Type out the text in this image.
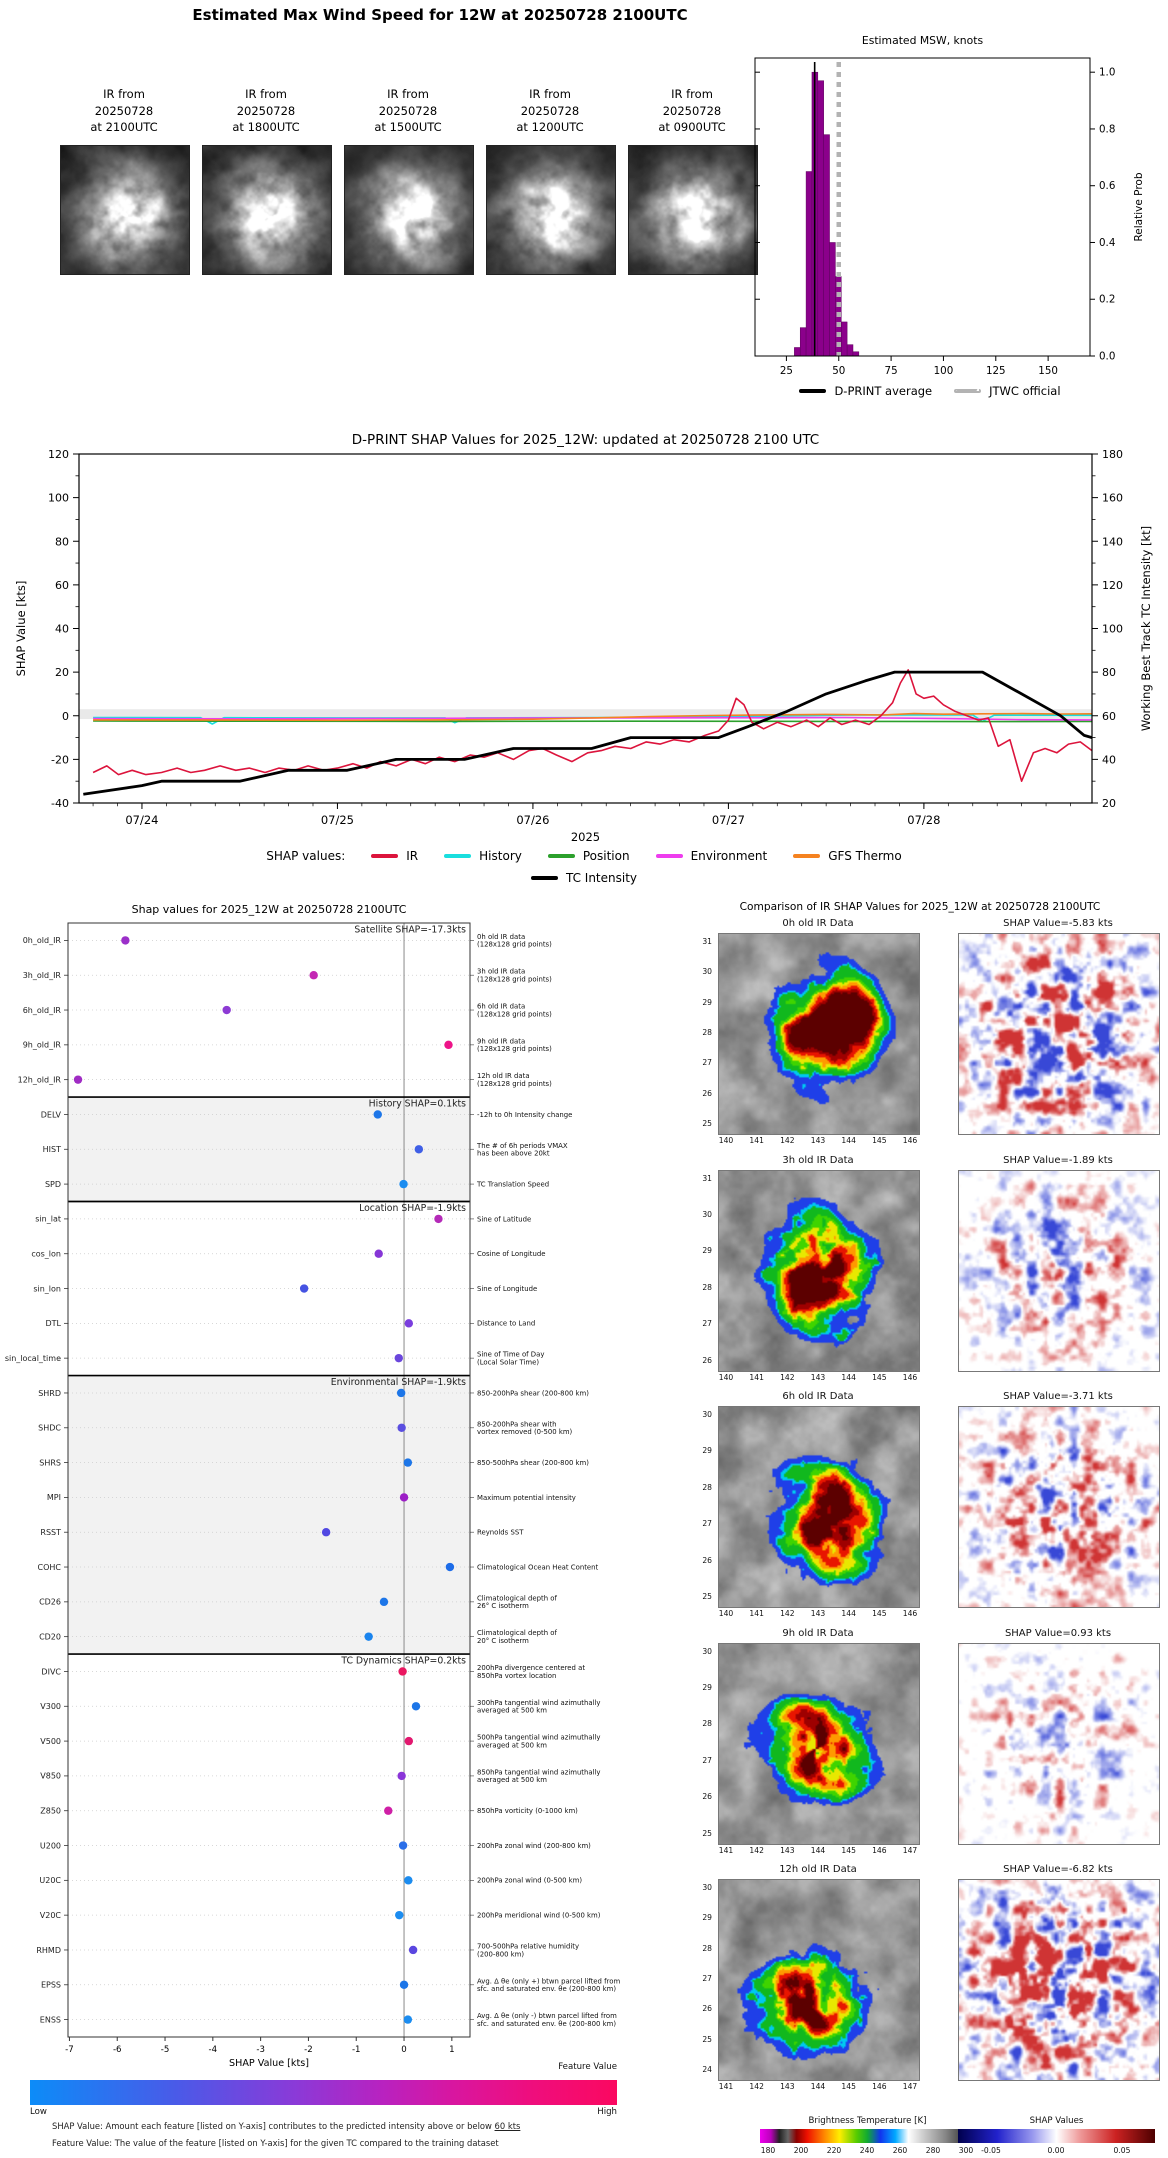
Estimated Max Wind Speed for 12W at 20250728 2100UTC
IR from
20250728
at 2100UTC
IR from
20250728
at 1800UTC
IR from
20250728
at 1500UTC
IR from
20250728
at 1200UTC
IR from
20250728
at 0900UTC
Estimated MSW, knots
0.0
0.2
0.4
0.6
0.8
1.0
25	50	75	100	125	150
Relative Prob
D-PRINT average	JTWC official
D-PRINT SHAP Values for 2025_12W: updated at 20250728 2100 UTC
-40
-20
0
20
40
60
80
100
120
20
40
60
80
100
120
140
160
180
07/24	07/25	07/26	07/27	07/28
2025
SHAP Value [kts]	Working Best Track TC Intensity [kt]
SHAP values:	IR	History	Position	Environment	GFS Thermo
TC Intensity
Shap values for 2025_12W at 20250728 2100UTC
0h_old_IR	0h old IR data
(128x128 grid points)
3h_old_IR	3h old IR data
(128x128 grid points)
6h_old_IR	6h old IR data
(128x128 grid points)
9h_old_IR	9h old IR data
(128x128 grid points)
12h_old_IR	12h old IR data
(128x128 grid points)
DELV	-12h to 0h Intensity change
HIST	The # of 6h periods VMAX
has been above 20kt
SPD	TC Translation Speed
sin_lat	Sine of Latitude
cos_lon	Cosine of Longitude
sin_lon	Sine of Longitude
DTL	Distance to Land
sin_local_time	Sine of Time of Day
(Local Solar Time)
SHRD	850-200hPa shear (200-800 km)
SHDC	850-200hPa shear with
vortex removed (0-500 km)
SHRS	850-500hPa shear (200-800 km)
MPI	Maximum potential intensity
RSST	Reynolds SST
COHC	Climatological Ocean Heat Content
CD26	Climatological depth of
26° C isotherm
CD20	Climatological depth of
20° C isotherm
DIVC	200hPa divergence centered at
850hPa vortex location
V300	300hPa tangential wind azimuthally
averaged at 500 km
V500	500hPa tangential wind azimuthally
averaged at 500 km
V850	850hPa tangential wind azimuthally
averaged at 500 km
Z850	850hPa vorticity (0-1000 km)
U200	200hPa zonal wind (200-800 km)
U20C	200hPa zonal wind (0-500 km)
V20C	200hPa meridional wind (0-500 km)
RHMD	700-500hPa relative humidity
(200-800 km)
EPSS	Avg. Δ θe (only +) btwn parcel lifted from
sfc. and saturated env. θe (200-800 km)
ENSS	Avg. Δ θe (only -) btwn parcel lifted from
sfc. and saturated env. θe (200-800 km)
Satellite SHAP=-17.3kts
History SHAP=0.1kts
Location SHAP=-1.9kts
Environmental SHAP=-1.9kts
TC Dynamics SHAP=0.2kts
-7	-6	-5	-4	-3	-2	-1	0	1
SHAP Value [kts]	Feature Value
Low	High
SHAP Value: Amount each feature [listed on Y-axis] contributes to the predicted intensity above or below 60 kts
Feature Value: The value of the feature [listed on Y-axis] for the given TC compared to the training dataset
Comparison of IR SHAP Values for 2025_12W at 20250728 2100UTC
0h old IR Data	SHAP Value=-5.83 kts
31
30
29
28
27
26
25
140	141	142	143	144	145	146
3h old IR Data	SHAP Value=-1.89 kts
31
30
29
28
27
26
140	141	142	143	144	145	146
6h old IR Data	SHAP Value=-3.71 kts
30
29
28
27
26
25
140	141	142	143	144	145	146
9h old IR Data	SHAP Value=0.93 kts
30
29
28
27
26
25
141	142	143	144	145	146	147
12h old IR Data	SHAP Value=-6.82 kts
30
29
28
27
26
25
24
141	142	143	144	145	146	147
Brightness Temperature [K]
180	200	220	240	260	280	300
SHAP Values
-0.05	0.00	0.05
